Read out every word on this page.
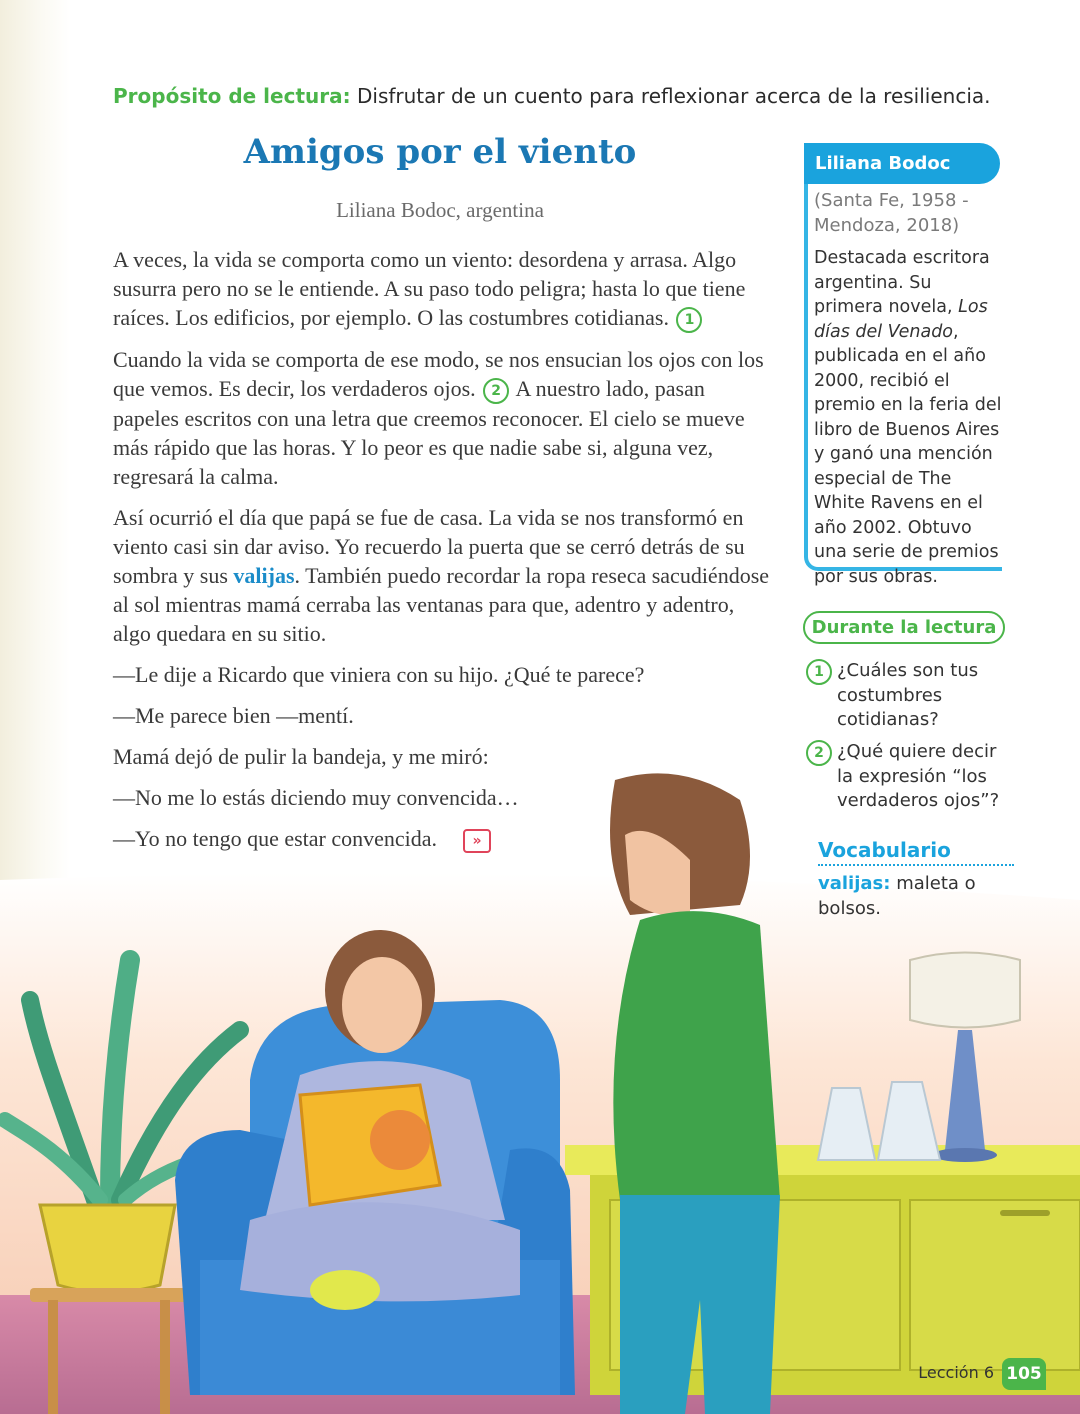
Propósito de lectura: Disfrutar de un cuento para reflexionar acerca de la resiliencia.
Amigos por el viento
Liliana Bodoc, argentina

A veces, la vida se comporta como un viento: desordena y arrasa. Algo susurra pero no se le entiende. A su paso todo peligra; hasta lo que tiene raíces. Los edificios, por ejemplo. O las costumbres cotidianas. 1

Cuando la vida se comporta de ese modo, se nos ensucian los ojos con los que vemos. Es decir, los verdaderos ojos. 2 A nuestro lado, pasan papeles escritos con una letra que creemos reconocer. El cielo se mueve más rápido que las horas. Y lo peor es que nadie sabe si, alguna vez, regresará la calma.

Así ocurrió el día que papá se fue de casa. La vida se nos transformó en viento casi sin dar aviso. Yo recuerdo la puerta que se cerró detrás de su sombra y sus valijas. También puedo recordar la ropa reseca sacudiéndose al sol mientras mamá cerraba las ventanas para que, adentro y adentro, algo quedara en su sitio.

—Le dije a Ricardo que viniera con su hijo. ¿Qué te parece?

—Me parece bien —mentí.

Mamá dejó de pulir la bandeja, y me miró:

—No me lo estás diciendo muy convencida…

—Yo no tengo que estar convencida.	»

Liliana Bodoc
(Santa Fe, 1958 - Mendoza, 2018)
Destacada escritora argentina. Su primera novela, Los días del Venado, publicada en el año 2000, recibió el premio en la feria del libro de Buenos Aires y ganó una mención especial de The White Ravens en el año 2002. Obtuvo una serie de premios por sus obras.
Durante la lectura
1 ¿Cuáles son tus costumbres cotidianas?
2 ¿Qué quiere decir la expresión “los verdaderos ojos”?
Vocabulario
valijas: maleta o bolsos.
Lección 6 105
